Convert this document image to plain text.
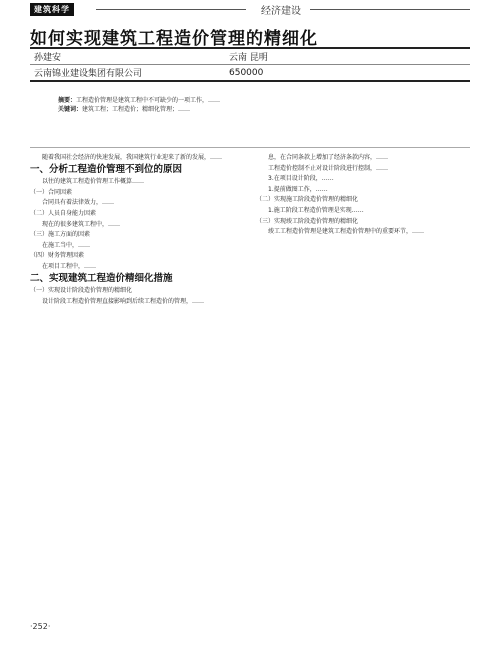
建筑科学	经济建设
如何实现建筑工程造价管理的精细化
孙建安	云南 昆明
云南锦业建设集团有限公司	650000
摘要：工程造价管理是建筑工程中不可缺少的一项工作，……
关键词：建筑工程；工程造价；精细化管理；……

随着我国社会经济的快速发展，我国建筑行业迎来了新的发展，……

一、分析工程造价管理不到位的原因

以往的建筑工程造价管理工作概算……

（一）合同因素

合同具有着法律效力，……

（二）人员自身能力因素

现在的很多建筑工程中，……

（三）施工方面的因素

在施工当中，……

（四）财务管理因素

在项目工程中，……

二、实现建筑工程造价精细化措施
（一）实现设计阶段造价管理的精细化

设计阶段工程造价管理直接影响到后续工程造价的管理，……

息，在合同条款上增加了经济条款内容，……

工程造价控制不止对设计阶段进行控制，……

3.在项目设计阶段，……

1.提前做图工作，……

（二）实现施工阶段造价管理的精细化

1.施工阶段工程造价管理是实现……

（三）实现竣工阶段造价管理的精细化

竣工工程造价管理是建筑工程造价管理中的重要环节，……

·252·
